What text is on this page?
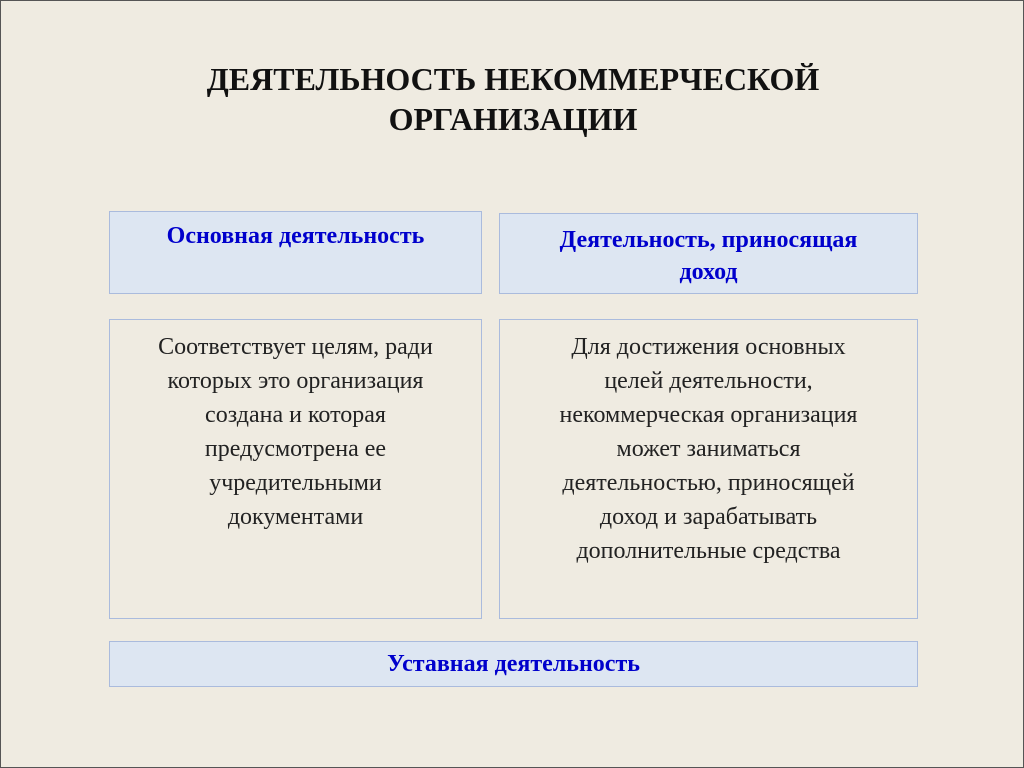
ДЕЯТЕЛЬНОСТЬ НЕКОММЕРЧЕСКОЙ
ОРГАНИЗАЦИИ
Основная деятельность	Деятельность, приносящая
доход
Соответствует целям, ради
которых это организация
создана и которая
предусмотрена ее
учредительными
документами
Для достижения основных
целей деятельности,
некоммерческая организация
может заниматься
деятельностью, приносящей
доход и зарабатывать
дополнительные средства
Уставная деятельность
